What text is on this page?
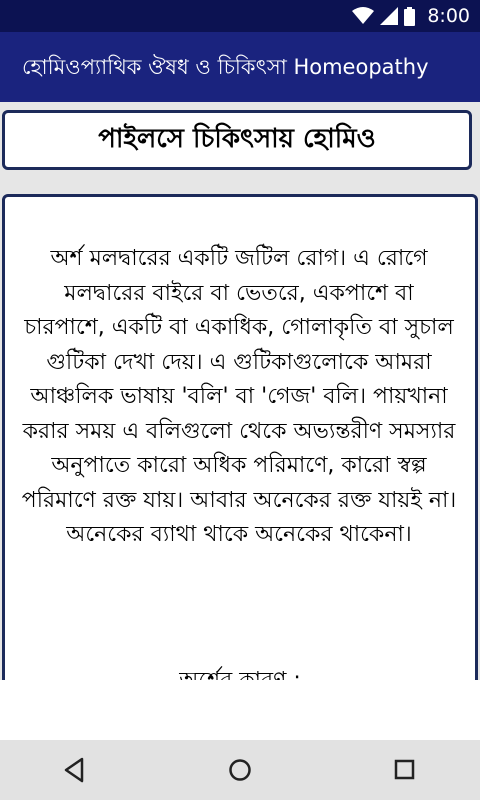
8:00
হোমিওপ্যাথিক ঔষধ ও চিকিৎসা Homeopathy
পাইলসে চিকিৎসায় হোমিও

অর্শ মলদ্বারের একটি জটিল রোগ। এ রোগে মলদ্বারের বাইরে বা ভেতরে, একপাশে বা চারপাশে, একটি বা একাধিক, গোলাকৃতি বা সুচাল গুটিকা দেখা দেয়। এ গুটিকাগুলোকে আমরা আঞ্চলিক ভাষায় 'বলি' বা 'গেজ' বলি। পায়খানা করার সময় এ বলিগুলো থেকে অভ্যন্তরীণ সমস্যার অনুপাতে কারো অধিক পরিমাণে, কারো স্বল্প পরিমাণে রক্ত যায়। আবার অনেকের রক্ত যায়ই না। অনেকের ব্যাথা থাকে অনেকের থাকেনা।
